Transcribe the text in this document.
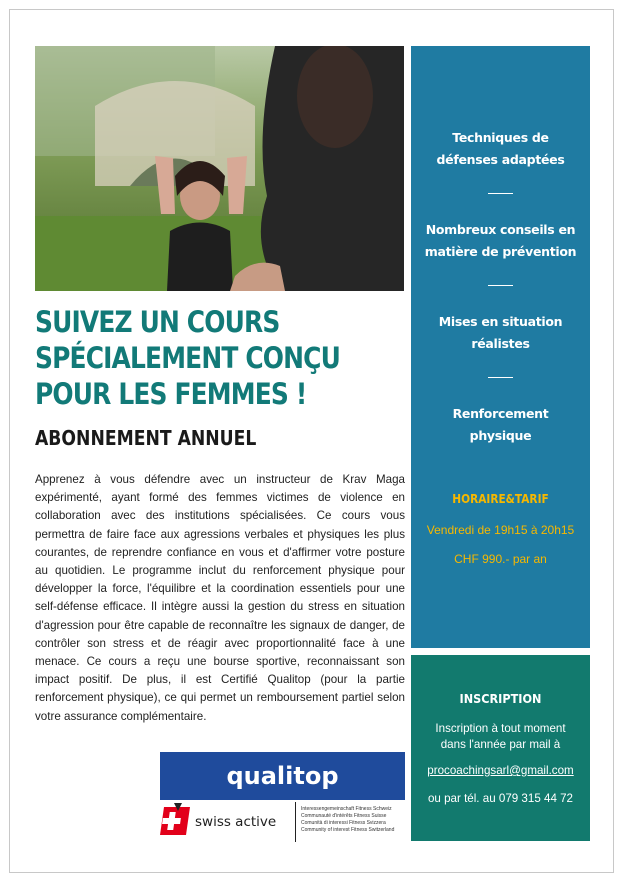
SUIVEZ UN COURS
SPÉCIALEMENT CONÇU
POUR LES FEMMES !
ABONNEMENT ANNUEL
Apprenez à vous défendre avec un instructeur de Krav Maga expérimenté, ayant formé des femmes victimes de violence en collaboration avec des institutions spécialisées. Ce cours vous permettra de faire face aux agressions verbales et physiques les plus courantes, de reprendre confiance en vous et d'affirmer votre posture au quotidien. Le programme inclut du renforcement physique pour développer la force, l'équilibre et la coordination essentiels pour une self-défense efficace. Il intègre aussi la gestion du stress en situation d'agression pour être capable de reconnaître les signaux de danger, de contrôler son stress et de réagir avec proportionnalité face à une menace. Ce cours a reçu une bourse sportive, reconnaissant son impact positif. De plus, il est Certifié Qualitop (pour la partie renforcement physique), ce qui permet un remboursement partiel selon votre assurance complémentaire.
qualitop
swiss active
Interessengemeinschaft Fitness Schweiz
Communauté d'intérêts Fitness Suisse
Comunità di interessi Fitness Svizzera
Community of interest Fitness Switzerland
Techniques de
défenses adaptées
Nombreux conseils en
matière de prévention
Mises en situation
réalistes
Renforcement
physique
HORAIRE&TARIF
Vendredi de 19h15 à 20h15
CHF 990.- par an
INSCRIPTION
Inscription à tout moment
dans l'année par mail à
procoachingsarl@gmail.com
ou par tél. au 079 315 44 72
